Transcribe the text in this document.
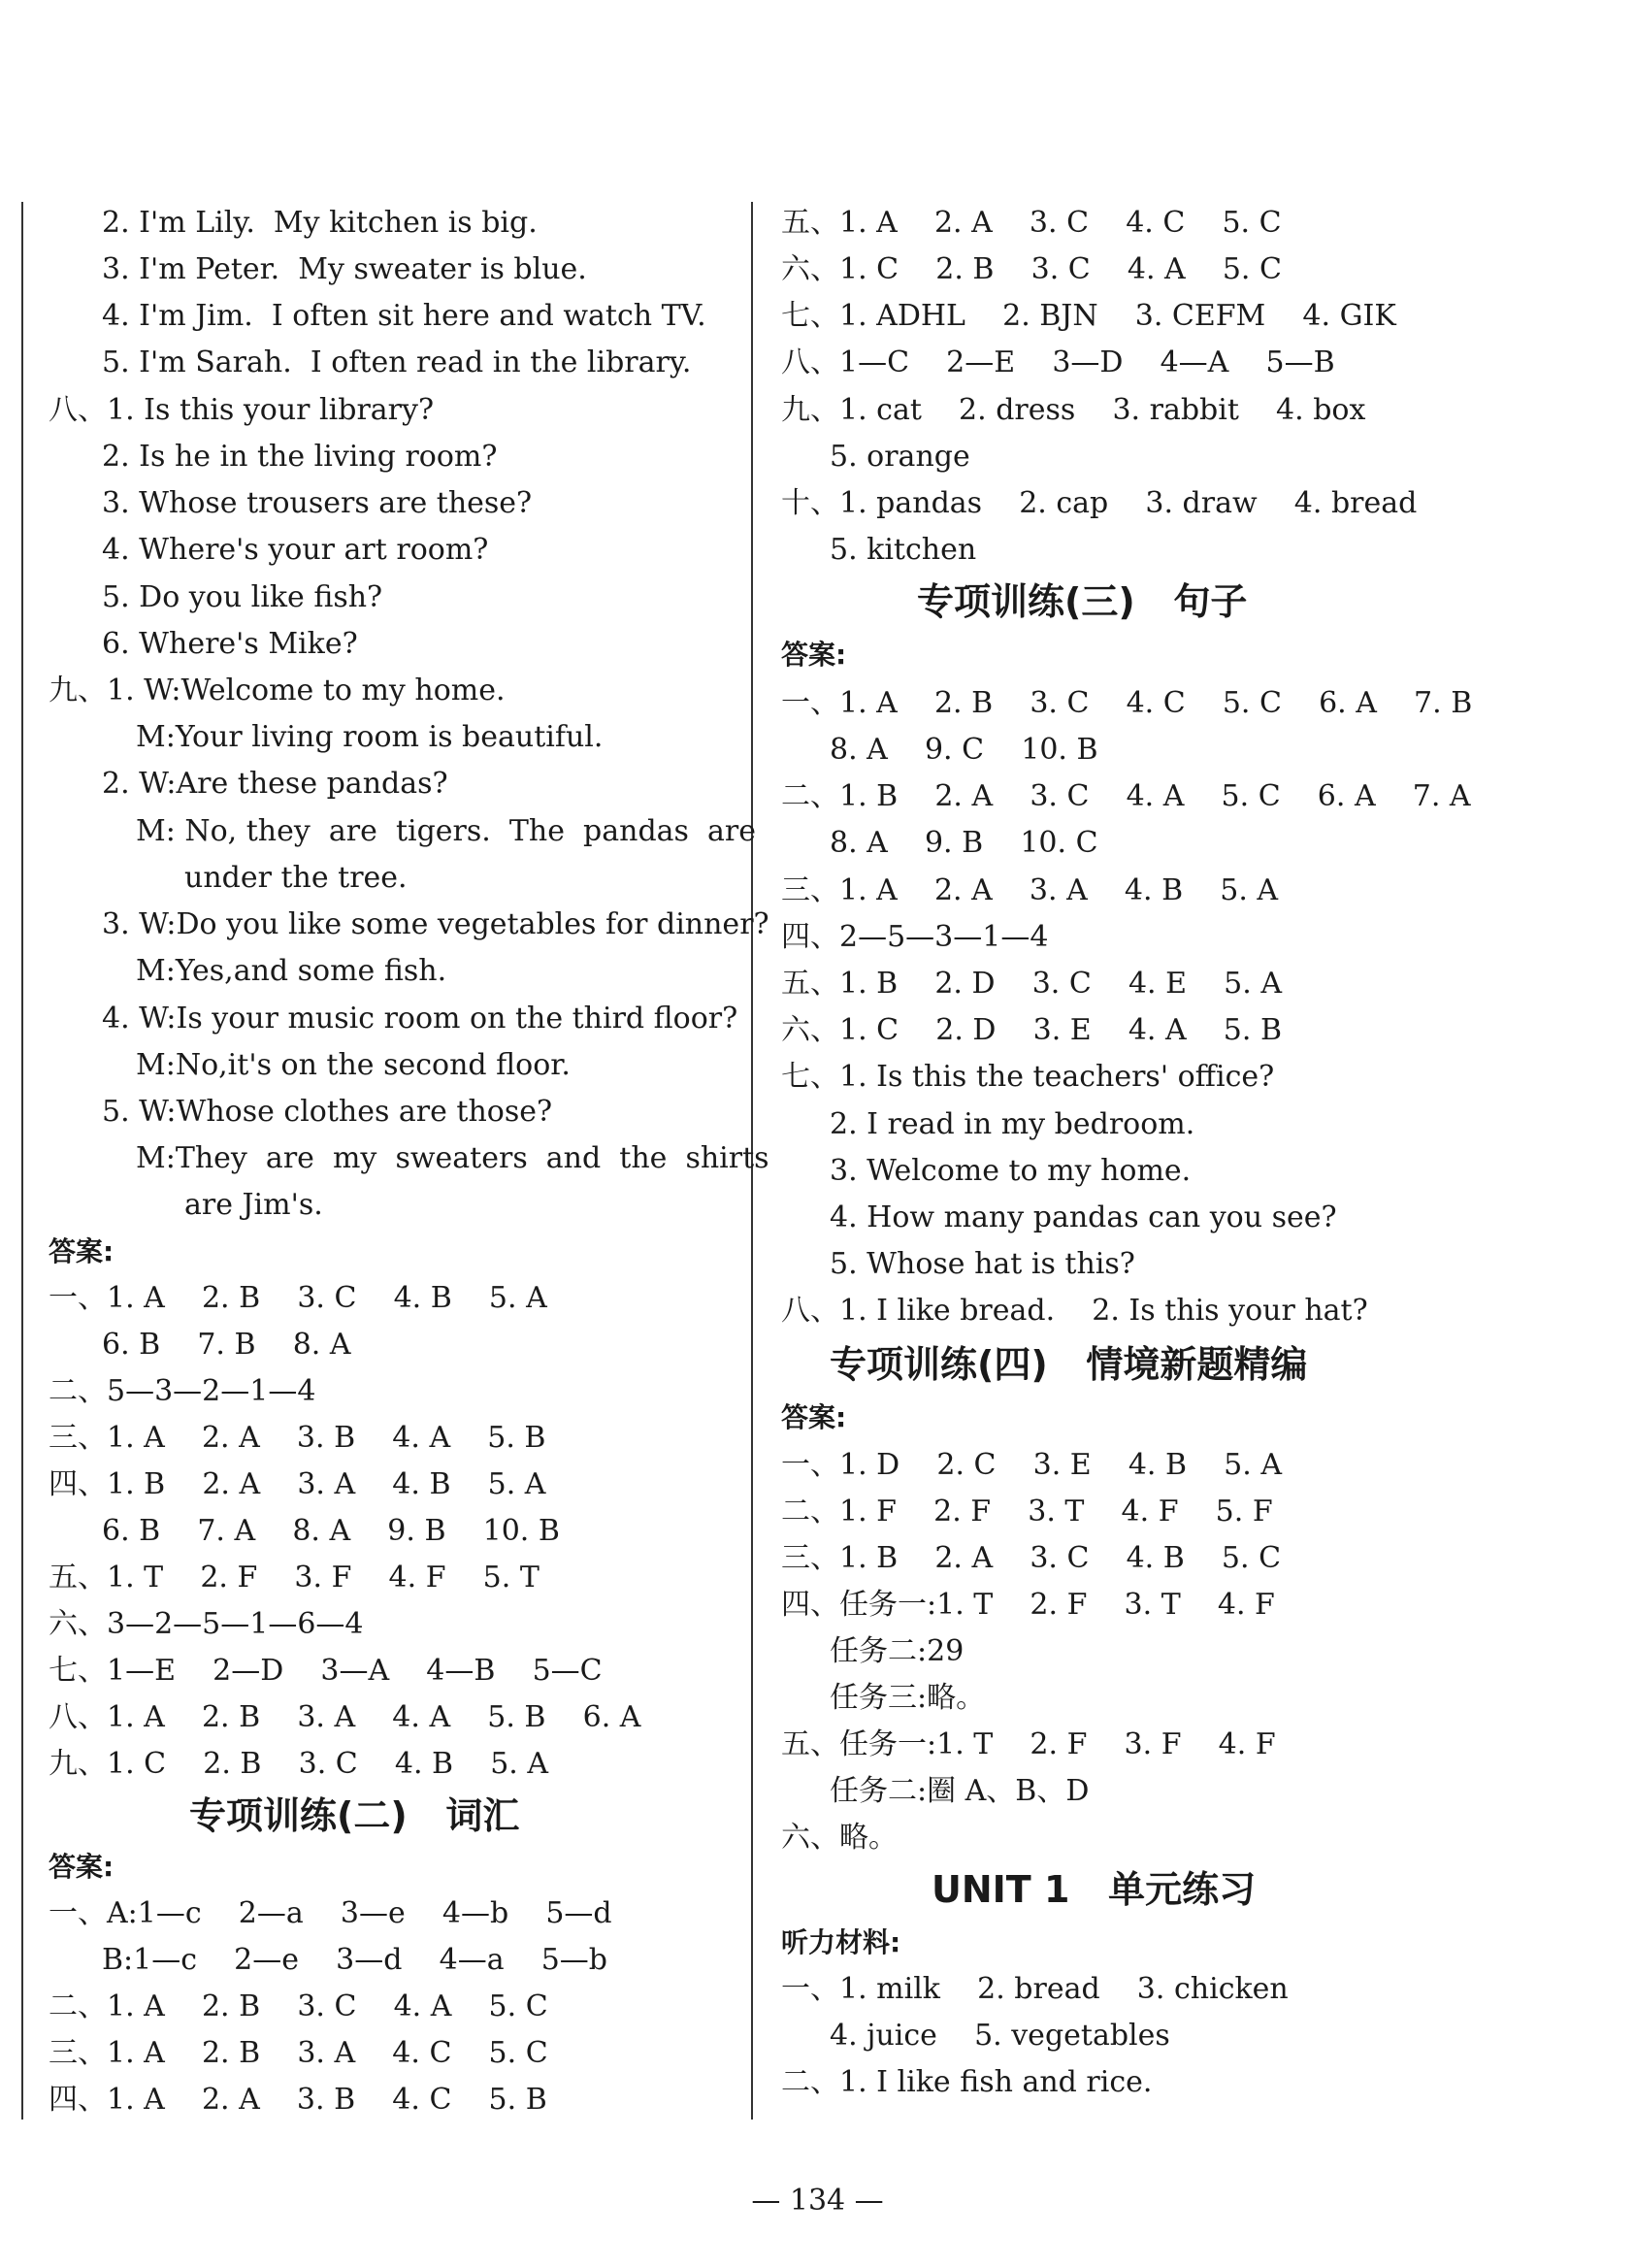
2. I'm Lily.  My kitchen is big.
3. I'm Peter.  My sweater is blue.
4. I'm Jim.  I often sit here and watch TV.
5. I'm Sarah.  I often read in the library.
八、1. Is this your library?
2. Is he in the living room?
3. Whose trousers are these?
4. Where's your art room?
5. Do you like fish?
6. Where's Mike?
九、1. W:Welcome to my home.
M:Your living room is beautiful.
2. W:Are these pandas?
M: No, they  are  tigers.  The  pandas  are
under the tree.
3. W:Do you like some vegetables for dinner?
M:Yes,and some fish.
4. W:Is your music room on the third floor?
M:No,it's on the second floor.
5. W:Whose clothes are those?
M:They  are  my  sweaters  and  the  shirts
are Jim's.
答案:
一、1. A    2. B    3. C    4. B    5. A
6. B    7. B    8. A
二、5—3—2—1—4
三、1. A    2. A    3. B    4. A    5. B
四、1. B    2. A    3. A    4. B    5. A
6. B    7. A    8. A    9. B    10. B
五、1. T    2. F    3. F    4. F    5. T
六、3—2—5—1—6—4
七、1—E    2—D    3—A    4—B    5—C
八、1. A    2. B    3. A    4. A    5. B    6. A
九、1. C    2. B    3. C    4. B    5. A
专项训练(二)   词汇
答案:
一、A:1—c    2—a    3—e    4—b    5—d
B:1—c    2—e    3—d    4—a    5—b
二、1. A    2. B    3. C    4. A    5. C
三、1. A    2. B    3. A    4. C    5. C
四、1. A    2. A    3. B    4. C    5. B
五、1. A    2. A    3. C    4. C    5. C
六、1. C    2. B    3. C    4. A    5. C
七、1. ADHL    2. BJN    3. CEFM    4. GIK
八、1—C    2—E    3—D    4—A    5—B
九、1. cat    2. dress    3. rabbit    4. box
5. orange
十、1. pandas    2. cap    3. draw    4. bread
5. kitchen
专项训练(三)   句子
答案:
一、1. A    2. B    3. C    4. C    5. C    6. A    7. B
8. A    9. C    10. B
二、1. B    2. A    3. C    4. A    5. C    6. A    7. A
8. A    9. B    10. C
三、1. A    2. A    3. A    4. B    5. A
四、2—5—3—1—4
五、1. B    2. D    3. C    4. E    5. A
六、1. C    2. D    3. E    4. A    5. B
七、1. Is this the teachers' office?
2. I read in my bedroom.
3. Welcome to my home.
4. How many pandas can you see?
5. Whose hat is this?
八、1. I like bread.    2. Is this your hat?
专项训练(四)   情境新题精编
答案:
一、1. D    2. C    3. E    4. B    5. A
二、1. F    2. F    3. T    4. F    5. F
三、1. B    2. A    3. C    4. B    5. C
四、任务一:1. T    2. F    3. T    4. F
任务二:29
任务三:略。
五、任务一:1. T    2. F    3. F    4. F
任务二:圈 A、B、D
六、略。
UNIT 1   单元练习
听力材料:
一、1. milk    2. bread    3. chicken
4. juice    5. vegetables
二、1. I like fish and rice.
— 134 —
